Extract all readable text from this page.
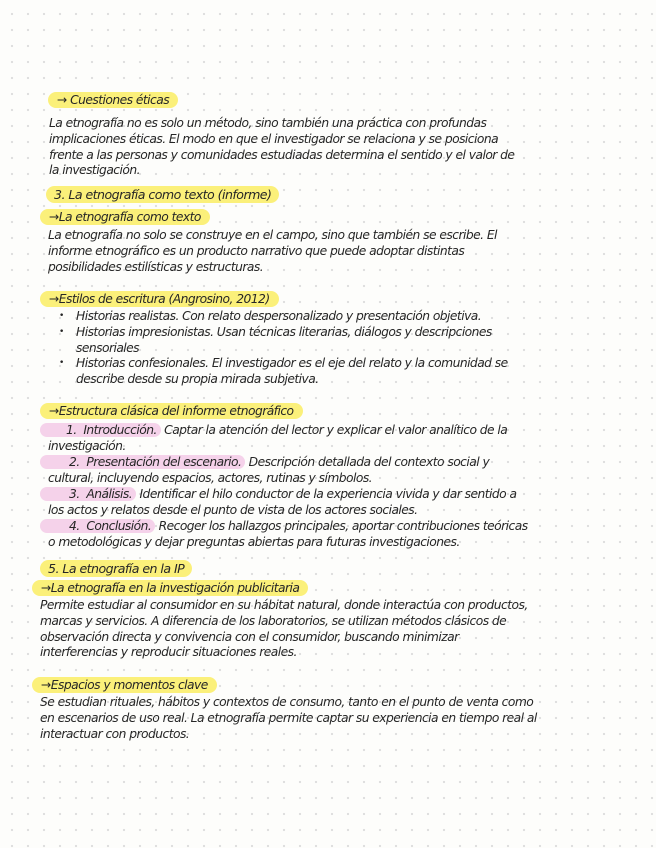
→ Cuestiones éticas
La etnografía no es solo un método, sino también una práctica con profundas
implicaciones éticas. El modo en que el investigador se relaciona y se posiciona
frente a las personas y comunidades estudiadas determina el sentido y el valor de
la investigación.
3. La etnografía como texto (informe)
→La etnografía como texto
La etnografía no solo se construye en el campo, sino que también se escribe. El
informe etnográfico es un producto narrativo que puede adoptar distintas
posibilidades estilísticas y estructuras.
→Estilos de escritura (Angrosino, 2012)
• Historias realistas. Con relato despersonalizado y presentación objetiva.
• Historias impresionistas. Usan técnicas literarias, diálogos y descripciones
sensoriales
• Historias confesionales. El investigador es el eje del relato y la comunidad se
describe desde su propia mirada subjetiva.
→Estructura clásica del informe etnográfico
1. Introducción. Captar la atención del lector y explicar el valor analítico de la
investigación.
2. Presentación del escenario. Descripción detallada del contexto social y
cultural, incluyendo espacios, actores, rutinas y símbolos.
3. Análisis. Identificar el hilo conductor de la experiencia vivida y dar sentido a
los actos y relatos desde el punto de vista de los actores sociales.
4. Conclusión. Recoger los hallazgos principales, aportar contribuciones teóricas
o metodológicas y dejar preguntas abiertas para futuras investigaciones.
5. La etnografía en la IP
→La etnografía en la investigación publicitaria
Permite estudiar al consumidor en su hábitat natural, donde interactúa con productos,
marcas y servicios. A diferencia de los laboratorios, se utilizan métodos clásicos de
observación directa y convivencia con el consumidor, buscando minimizar
interferencias y reproducir situaciones reales.
→Espacios y momentos clave
Se estudian rituales, hábitos y contextos de consumo, tanto en el punto de venta como
en escenarios de uso real. La etnografía permite captar su experiencia en tiempo real al
interactuar con productos.
